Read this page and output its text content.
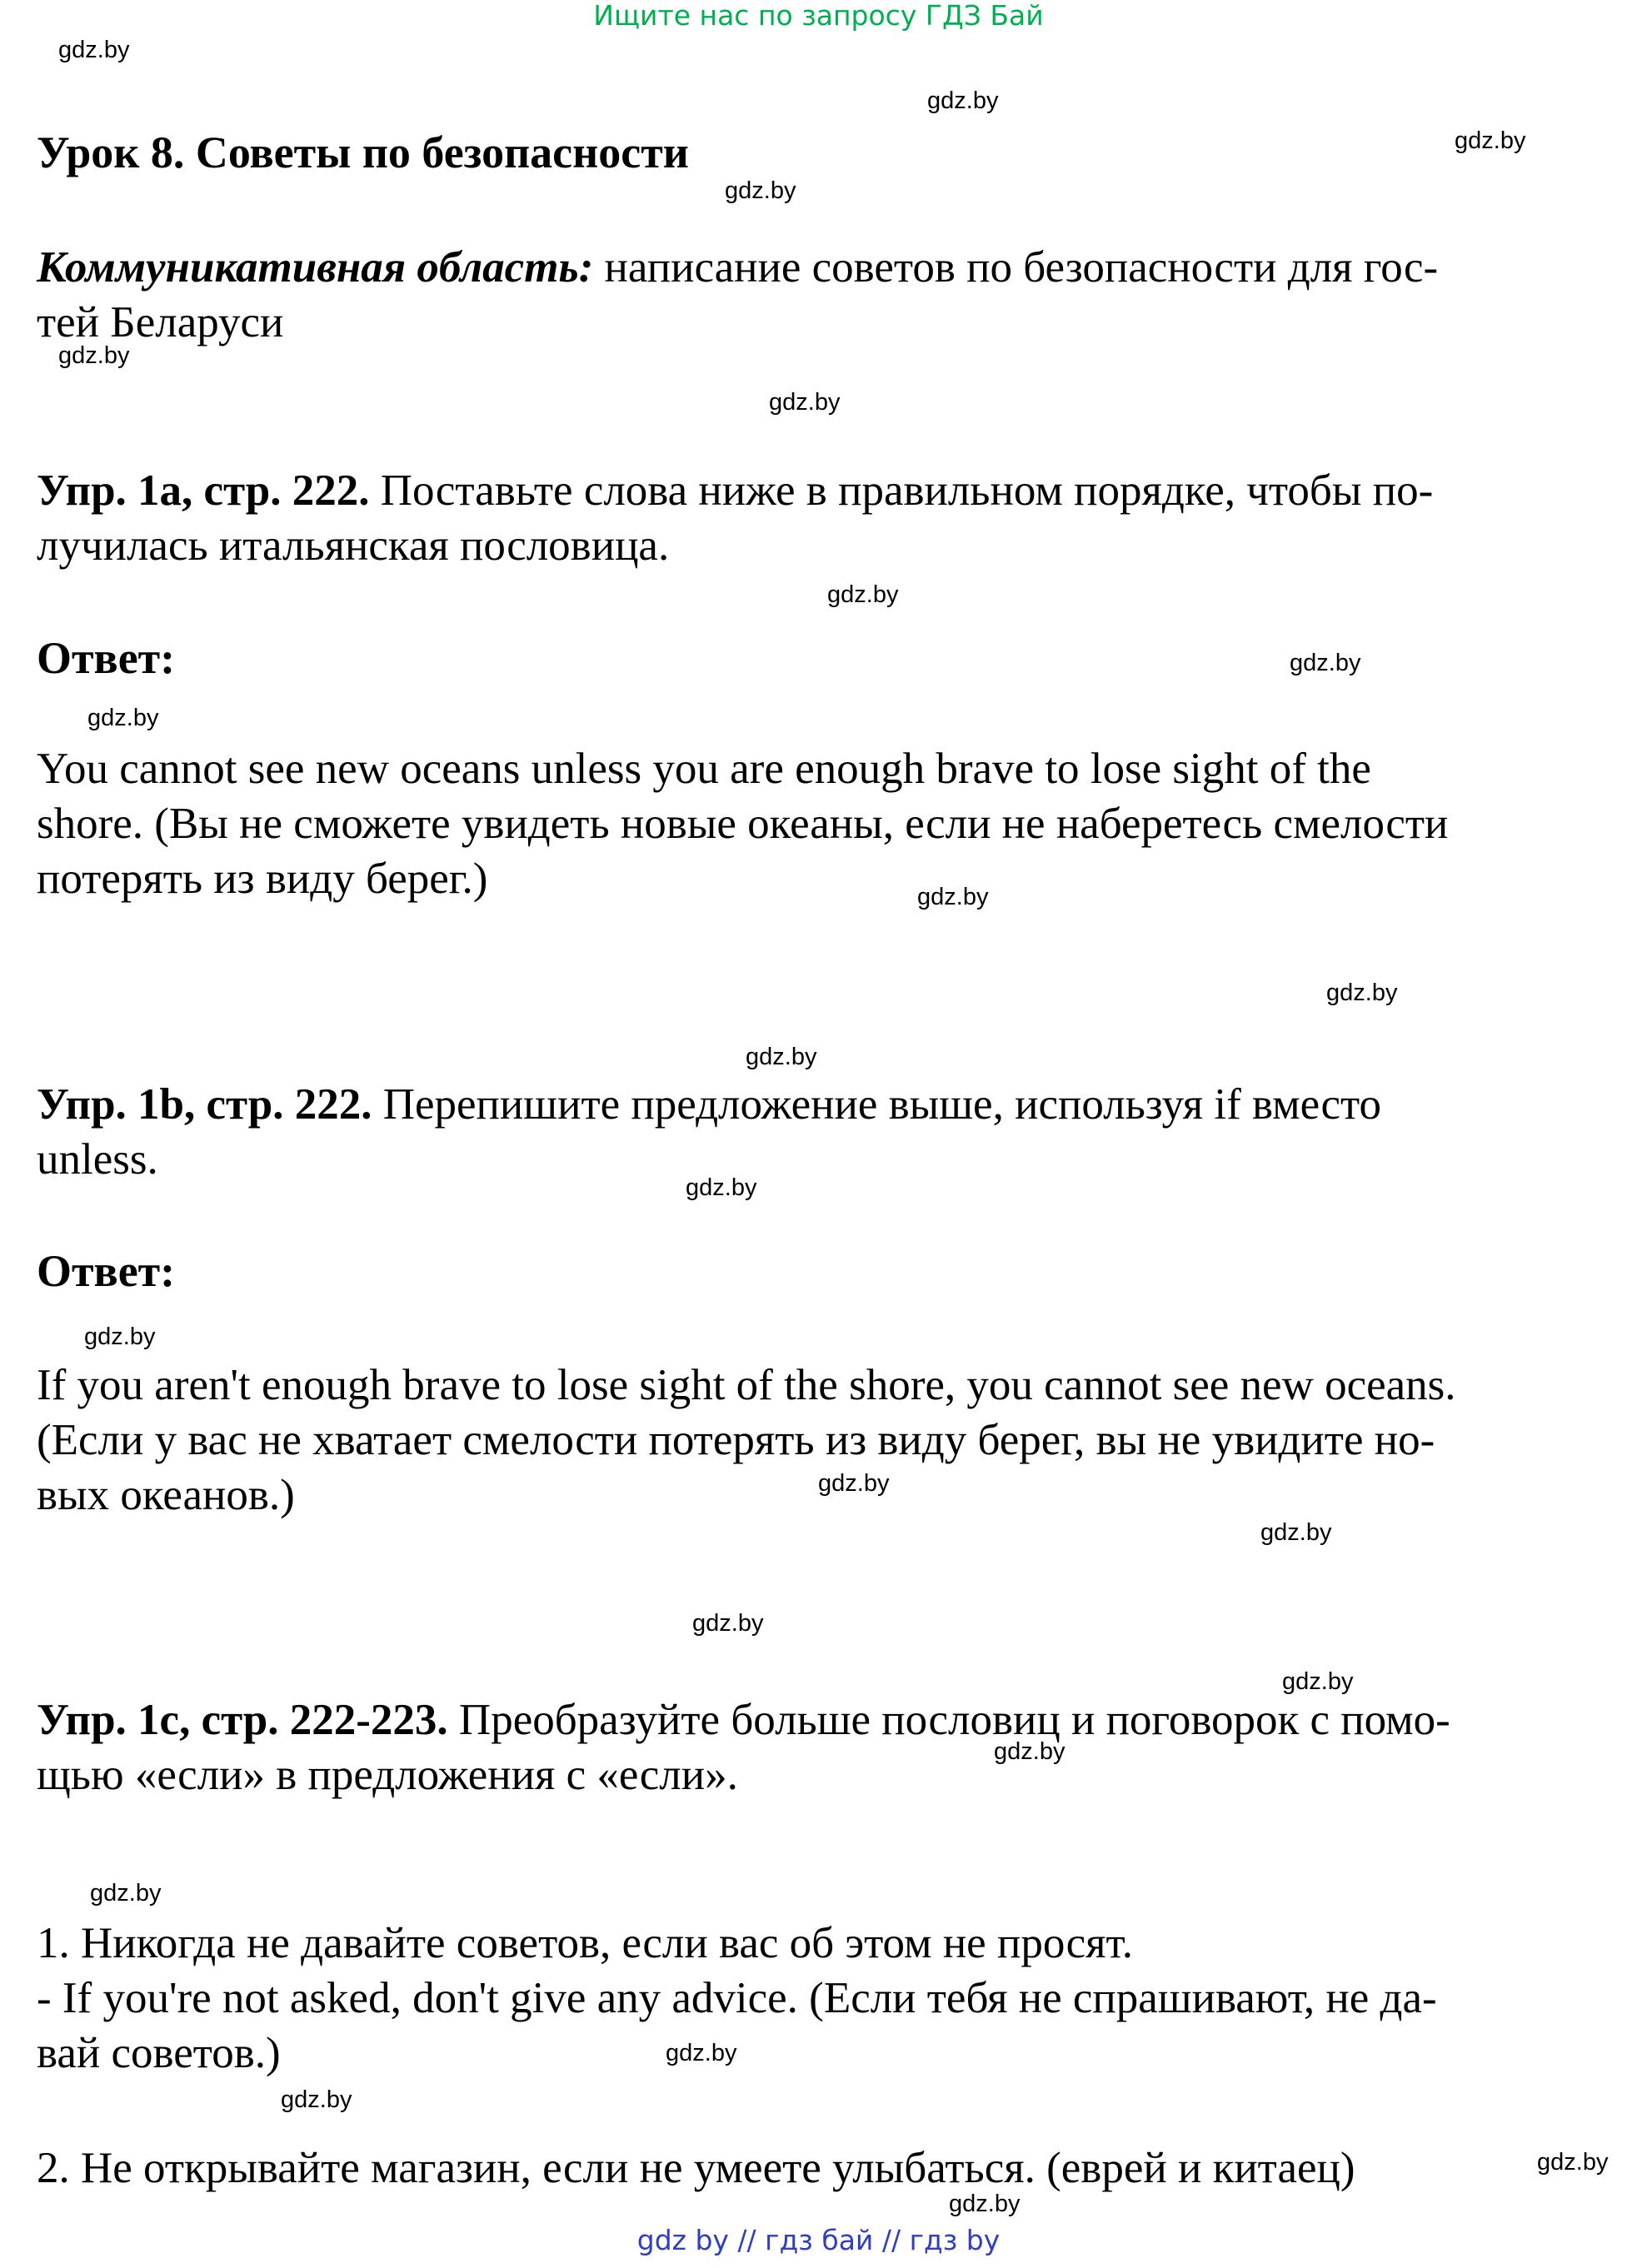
Ищите нас по запросу ГДЗ Бай
gdz.by
gdz.by
gdz.by
gdz.by
gdz.by
gdz.by
gdz.by
gdz.by
gdz.by
gdz.by
gdz.by
gdz.by
gdz.by
gdz.by
gdz.by
gdz.by
gdz.by
gdz.by
gdz.by
gdz.by
gdz.by
gdz.by
gdz.by
gdz.by
Урок 8. Советы по безопасности

Коммуникативная область: написание советов по безопасности для гос-
тей Беларуси

Упр. 1a, стр. 222. Поставьте слова ниже в правильном порядке, чтобы по-
лучилась итальянская пословица.

Ответ:

You cannot see new oceans unless you are enough brave to lose sight of the
shore. (Вы не сможете увидеть новые океаны, если не наберетесь смелости
потерять из виду берег.)

Упр. 1b, стр. 222. Перепишите предложение выше, используя if вместо
unless.

Ответ:

If you aren't enough brave to lose sight of the shore, you cannot see new oceans.
(Если у вас не хватает смелости потерять из виду берег, вы не увидите но-
вых океанов.)

Упр. 1c, стр. 222-223. Преобразуйте больше пословиц и поговорок с помо-
щью «если» в предложения с «если».

1. Никогда не давайте советов, если вас об этом не просят.
- If you're not asked, don't give any advice. (Если тебя не спрашивают, не да-
вай советов.)

2. Не открывайте магазин, если не умеете улыбаться. (еврей и китаец)

gdz by // гдз бай // гдз by
